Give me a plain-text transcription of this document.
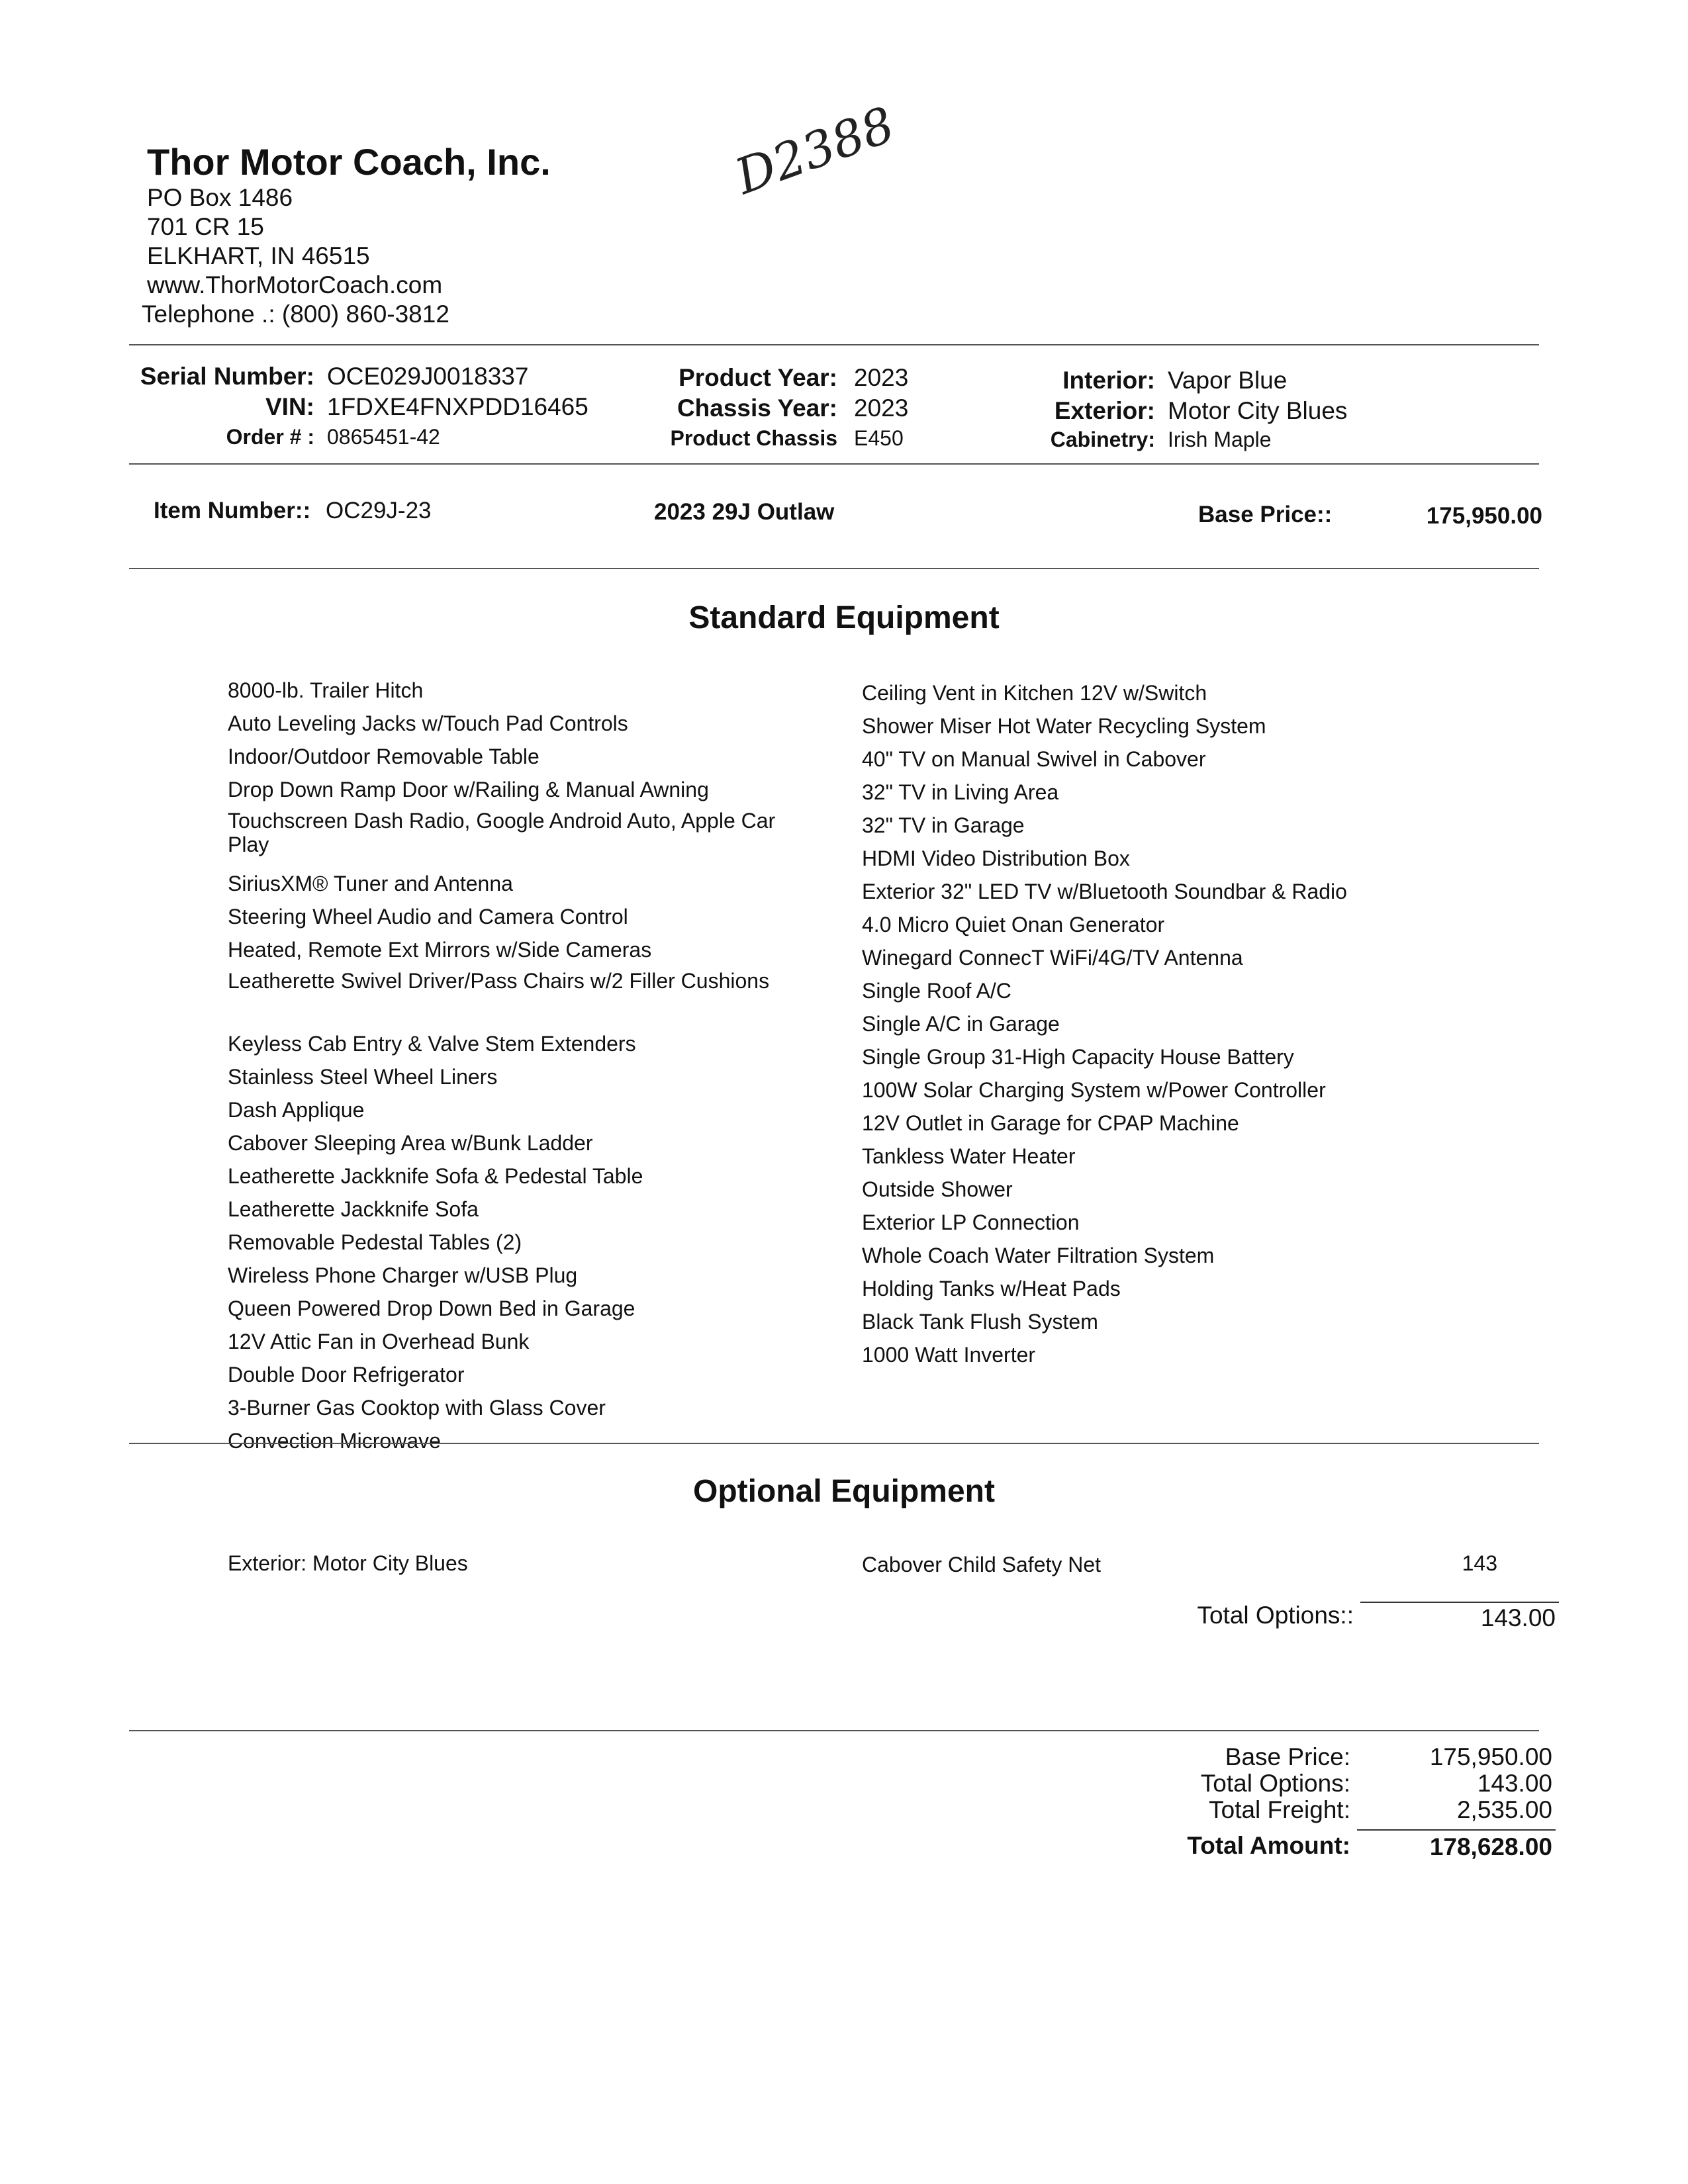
Thor Motor Coach, Inc.
PO Box 1486
701 CR 15
ELKHART, IN 46515
www.ThorMotorCoach.com
Telephone .: (800) 860-3812
D2388
Serial Number: OCE029J0018337
VIN: 1FDXE4FNXPDD16465
Order # : 0865451-42
Product Year: 2023
Chassis Year: 2023
Product Chassis E450
Interior: Vapor Blue
Exterior: Motor City Blues
Cabinetry: Irish Maple
Item Number:: OC29J-23	2023 29J Outlaw	Base Price::	175,950.00
Standard Equipment
8000-lb. Trailer Hitch
Auto Leveling Jacks w/Touch Pad Controls
Indoor/Outdoor Removable Table
Drop Down Ramp Door w/Railing & Manual Awning
Touchscreen Dash Radio, Google Android Auto, Apple Car Play
SiriusXM® Tuner and Antenna
Steering Wheel Audio and Camera Control
Heated, Remote Ext Mirrors w/Side Cameras
Leatherette Swivel Driver/Pass Chairs w/2 Filler Cushions
Keyless Cab Entry & Valve Stem Extenders
Stainless Steel Wheel Liners
Dash Applique
Cabover Sleeping Area w/Bunk Ladder
Leatherette Jackknife Sofa & Pedestal Table
Leatherette Jackknife Sofa
Removable Pedestal Tables (2)
Wireless Phone Charger w/USB Plug
Queen Powered Drop Down Bed in Garage
12V Attic Fan in Overhead Bunk
Double Door Refrigerator
3-Burner Gas Cooktop with Glass Cover
Convection Microwave
Ceiling Vent in Kitchen 12V w/Switch
Shower Miser Hot Water Recycling System
40" TV on Manual Swivel in Cabover
32" TV in Living Area
32" TV in Garage
HDMI Video Distribution Box
Exterior 32" LED TV w/Bluetooth Soundbar & Radio
4.0 Micro Quiet Onan Generator
Winegard ConnecT WiFi/4G/TV Antenna
Single Roof A/C
Single A/C in Garage
Single Group 31-High Capacity House Battery
100W Solar Charging System w/Power Controller
12V Outlet in Garage for CPAP Machine
Tankless Water Heater
Outside Shower
Exterior LP Connection
Whole Coach Water Filtration System
Holding Tanks w/Heat Pads
Black Tank Flush System
1000 Watt Inverter
Optional Equipment
Exterior: Motor City Blues	Cabover Child Safety Net	143
Total Options::	143.00
Base Price:	175,950.00
Total Options:	143.00
Total Freight:	2,535.00
Total Amount:	178,628.00
